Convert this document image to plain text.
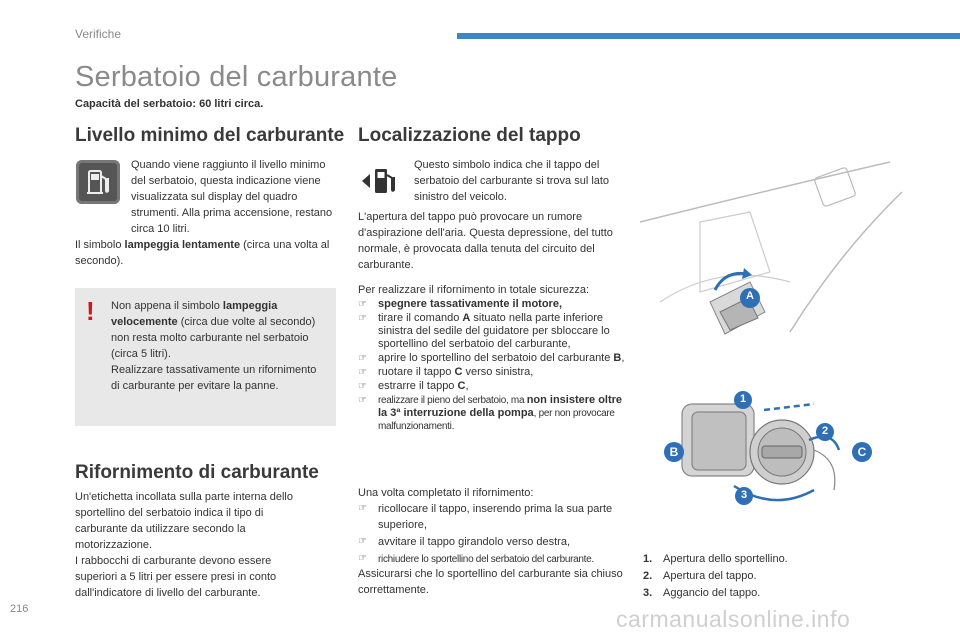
Verifiche
Serbatoio del carburante
Capacità del serbatoio: 60 litri circa.
Livello minimo del carburante
Quando viene raggiunto il livello minimo del serbatoio, questa indicazione viene visualizzata sul display del quadro strumenti. Alla prima accensione, restano circa 10 litri.
Il simbolo lampeggia lentamente (circa una volta al secondo).
! Non appena il simbolo lampeggia velocemente (circa due volte al secondo) non resta molto carburante nel serbatoio (circa 5 litri).
Realizzare tassativamente un rifornimento di carburante per evitare la panne.
Rifornimento di carburante
Un'etichetta incollata sulla parte interna dello sportellino del serbatoio indica il tipo di carburante da utilizzare secondo la motorizzazione.
I rabbocchi di carburante devono essere superiori a 5 litri per essere presi in conto dall'indicatore di livello del carburante.
Localizzazione del tappo
Questo simbolo indica che il tappo del serbatoio del carburante si trova sul lato sinistro del veicolo.
L'apertura del tappo può provocare un rumore d'aspirazione dell'aria. Questa depressione, del tutto normale, è provocata dalla tenuta del circuito del carburante.
Per realizzare il rifornimento in totale sicurezza:
☞ spegnere tassativamente il motore,
☞ tirare il comando A situato nella parte inferiore sinistra del sedile del guidatore per sbloccare lo sportellino del serbatoio del carburante,
☞ aprire lo sportellino del serbatoio del carburante B,
☞ ruotare il tappo C verso sinistra,
☞ estrarre il tappo C,
☞ realizzare il pieno del serbatoio, ma non insistere oltre la 3ª interruzione della pompa, per non provocare malfunzionamenti.
Una volta completato il rifornimento:
☞ ricollocare il tappo, inserendo prima la sua parte superiore,
☞ avvitare il tappo girandolo verso destra,
☞ richiudere lo sportellino del serbatoio del carburante.
Assicurarsi che lo sportellino del carburante sia chiuso correttamente.
A
1
2
3
B	C
1. Apertura dello sportellino.
2. Apertura del tappo.
3. Aggancio del tappo.
216	carmanualsonline.info
